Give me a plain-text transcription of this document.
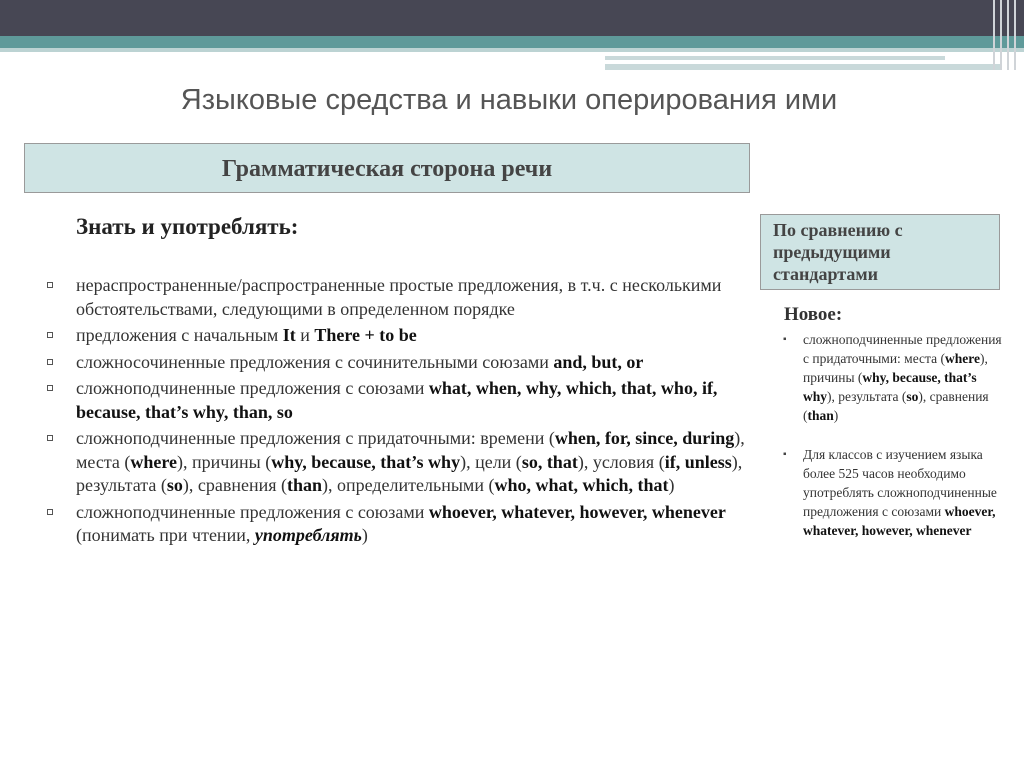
Языковые средства и навыки оперирования ими
Грамматическая сторона речи
Знать и употреблять:
нераспространенные/распространенные простые предложения, в т.ч. с несколькими обстоятельствами, следующими в определенном порядке
предложения с начальным It и There + to be
сложносочиненные предложения с сочинительными союзами and, but, or
сложноподчиненные предложения с союзами what, when, why, which, that, who, if, because, that’s why, than, so
сложноподчиненные предложения с придаточными: времени (when, for, since, during), места (where), причины (why, because, that’s why), цели (so, that), условия (if, unless), результата (so), сравнения (than), определительными (who, what, which, that)
сложноподчиненные предложения с союзами whoever, whatever, however, whenever (понимать при чтении, употреблять)
По сравнению с предыдущими стандартами
Новое:
▪ сложноподчиненные предложения с придаточными: места (where), причины (why, because, that’s why), результата (so), сравнения (than)
▪ Для классов с изучением языка более 525 часов необходимо употреблять сложноподчиненные предложения с союзами whoever, whatever, however, whenever
